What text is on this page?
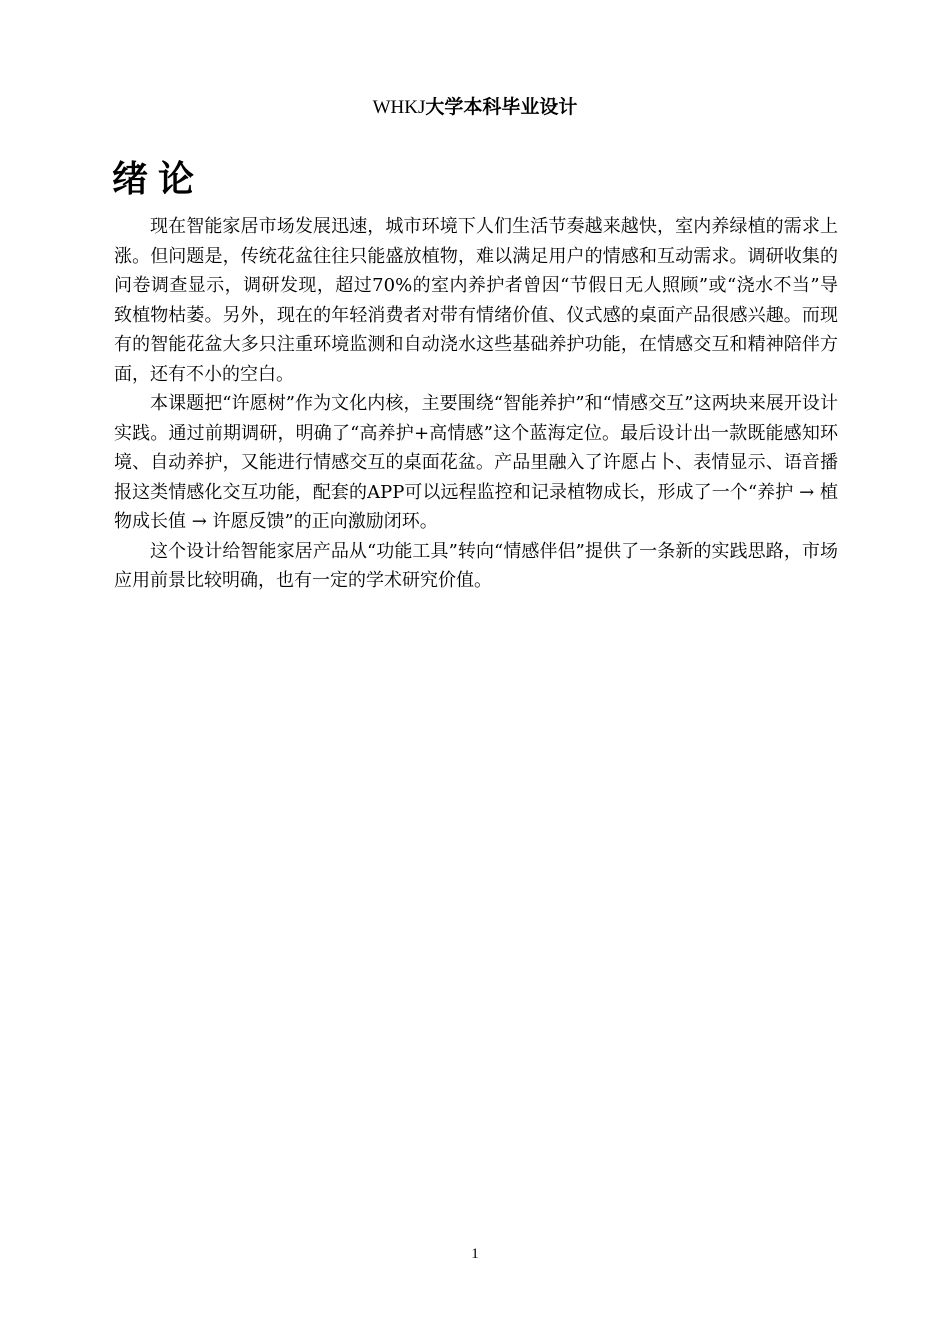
WHKJ大学本科毕业设计
绪论

现在智能家居市场发展迅速，城市环境下人们生活节奏越来越快，室内养绿植的需求上涨。但问题是，传统花盆往往只能盛放植物，难以满足用户的情感和互动需求。调研收集的问卷调查显示，调研发现，超过70%的室内养护者曾因“节假日无人照顾”或“浇水不当”导致植物枯萎。另外，现在的年轻消费者对带有情绪价值、仪式感的桌面产品很感兴趣。而现有的智能花盆大多只注重环境监测和自动浇水这些基础养护功能，在情感交互和精神陪伴方面，还有不小的空白。

本课题把“许愿树”作为文化内核，主要围绕“智能养护”和“情感交互”这两块来展开设计实践。通过前期调研，明确了“高养护+高情感”这个蓝海定位。最后设计出一款既能感知环境、自动养护，又能进行情感交互的桌面花盆。产品里融入了许愿占卜、表情显示、语音播报这类情感化交互功能，配套的APP可以远程监控和记录植物成长，形成了一个“养护 → 植物成长值 → 许愿反馈”的正向激励闭环。

这个设计给智能家居产品从“功能工具”转向“情感伴侣”提供了一条新的实践思路，市场应用前景比较明确，也有一定的学术研究价值。

1
